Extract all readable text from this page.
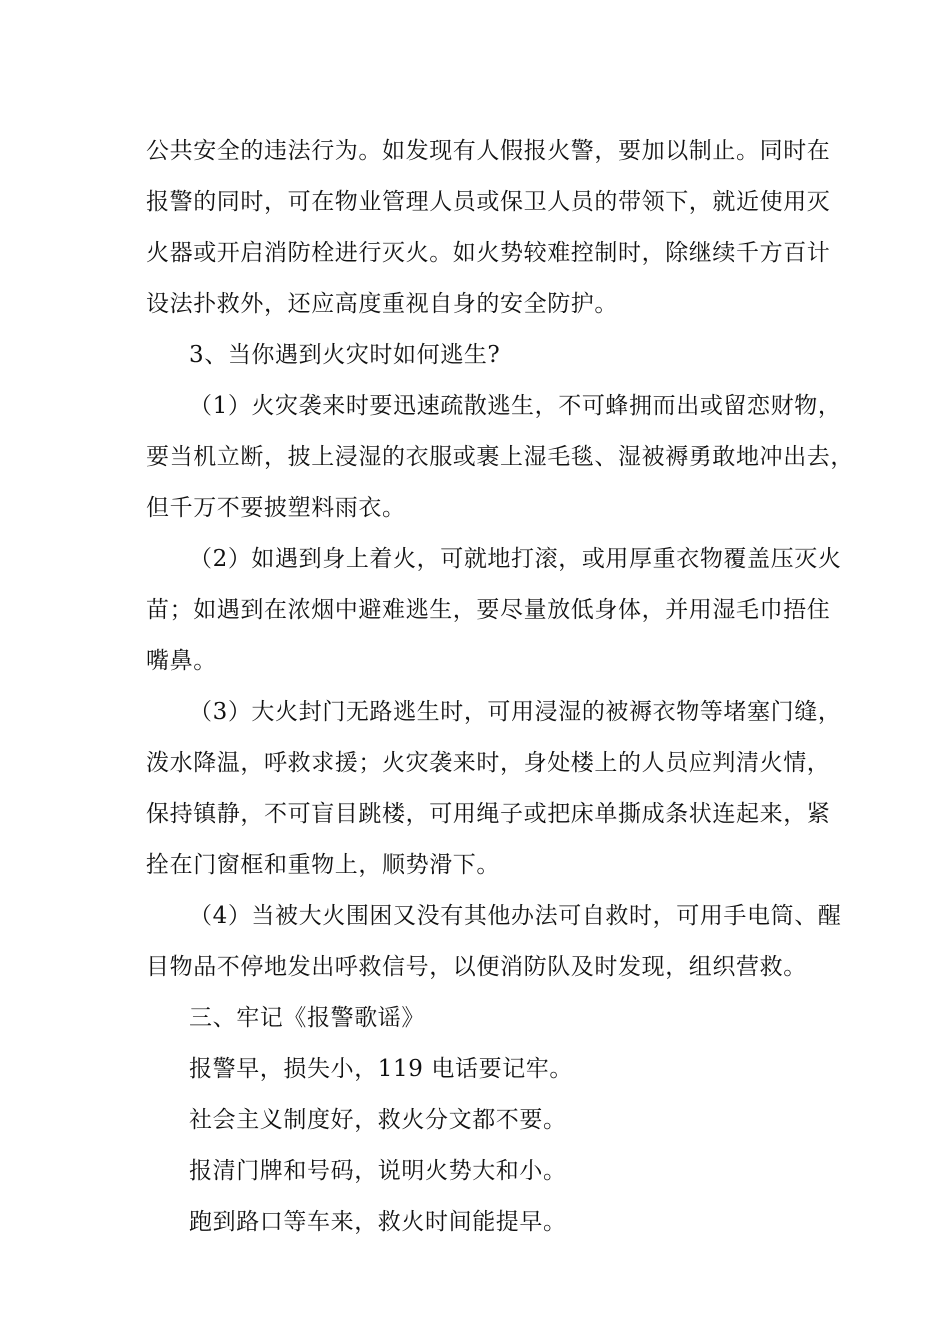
公共安全的违法行为。如发现有人假报火警，要加以制止。同时在
报警的同时，可在物业管理人员或保卫人员的带领下，就近使用灭
火器或开启消防栓进行灭火。如火势较难控制时，除继续千方百计
设法扑救外，还应高度重视自身的安全防护。
3、当你遇到火灾时如何逃生?
（1）火灾袭来时要迅速疏散逃生，不可蜂拥而出或留恋财物，
要当机立断，披上浸湿的衣服或裹上湿毛毯、湿被褥勇敢地冲出去，
但千万不要披塑料雨衣。
（2）如遇到身上着火，可就地打滚，或用厚重衣物覆盖压灭火
苗；如遇到在浓烟中避难逃生，要尽量放低身体，并用湿毛巾捂住
嘴鼻。
（3）大火封门无路逃生时，可用浸湿的被褥衣物等堵塞门缝，
泼水降温，呼救求援；火灾袭来时，身处楼上的人员应判清火情，
保持镇静，不可盲目跳楼，可用绳子或把床单撕成条状连起来，紧
拴在门窗框和重物上，顺势滑下。
（4）当被大火围困又没有其他办法可自救时，可用手电筒、醒
目物品不停地发出呼救信号，以便消防队及时发现，组织营救。
三、牢记《报警歌谣》
报警早，损失小，119 电话要记牢。
社会主义制度好，救火分文都不要。
报清门牌和号码，说明火势大和小。
跑到路口等车来，救火时间能提早。
